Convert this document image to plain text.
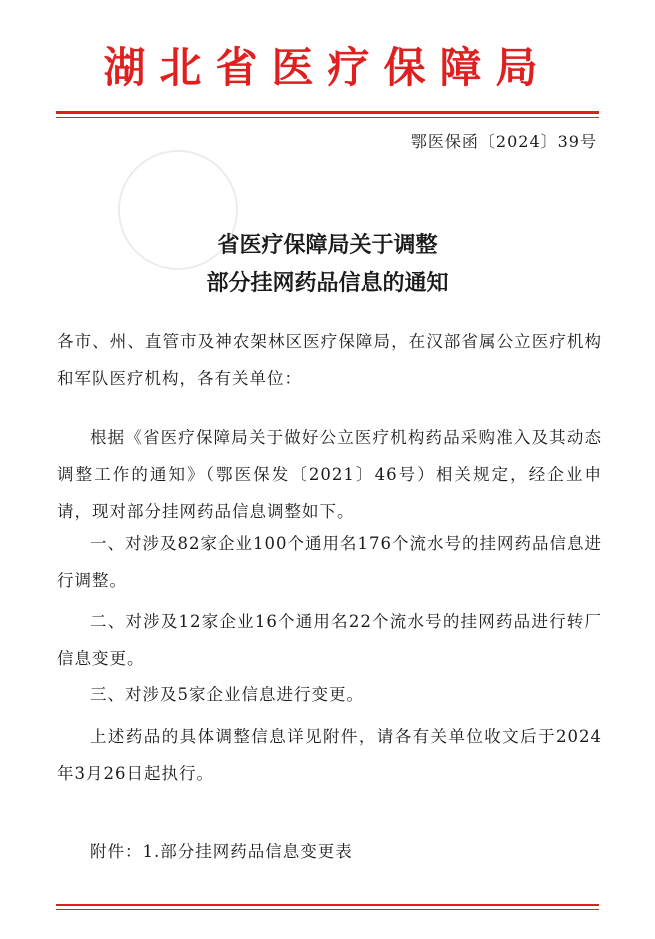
湖北省医疗保障局
鄂医保函〔2024〕39号
省医疗保障局关于调整
部分挂网药品信息的通知

各市、州、直管市及神农架林区医疗保障局，在汉部省属公立医疗机构和军队医疗机构，各有关单位：

根据《省医疗保障局关于做好公立医疗机构药品采购准入及其动态调整工作的通知》（鄂医保发〔2021〕46号）相关规定，经企业申请，现对部分挂网药品信息调整如下。

一、对涉及82家企业100个通用名176个流水号的挂网药品信息进行调整。

二、对涉及12家企业16个通用名22个流水号的挂网药品进行转厂信息变更。

三、对涉及5家企业信息进行变更。

上述药品的具体调整信息详见附件，请各有关单位收文后于2024年3月26日起执行。

附件：1.部分挂网药品信息变更表
